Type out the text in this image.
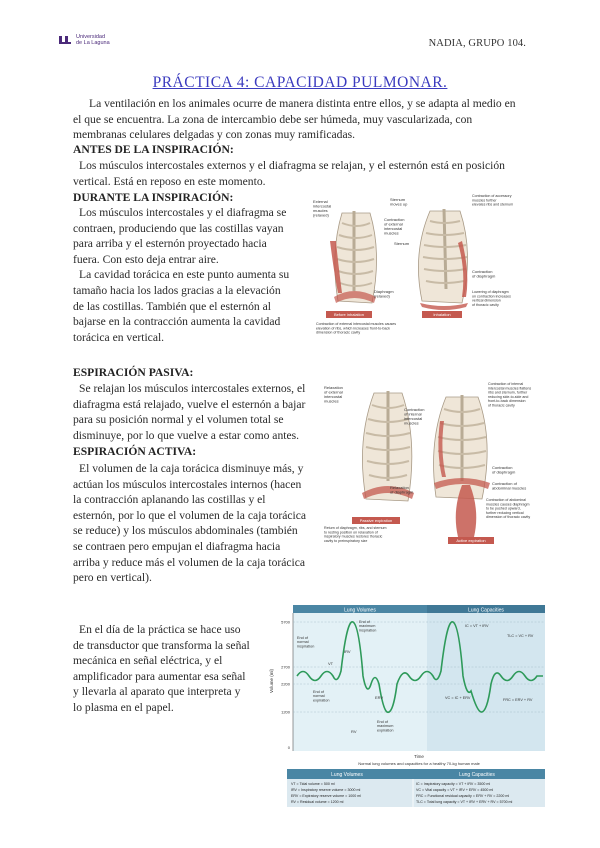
Universidad
de La Laguna	NADIA, GRUPO 104.
PRÁCTICA 4: CAPACIDAD PULMONAR.
La ventilación en los animales ocurre de manera distinta entre ellos, y se adapta al medio en
el que se encuentra. La zona de intercambio debe ser húmeda, muy vascularizada, con
membranas celulares delgadas y con zonas muy ramificadas.
ANTES DE LA INSPIRACIÓN:
Los músculos intercostales externos y el diafragma se relajan, y el esternón está en posición
vertical. Está en reposo en este momento.
DURANTE LA INSPIRACIÓN:
Los músculos intercostales y el diafragma se
contraen, produciendo que las costillas vayan
para arriba y el esternón proyectado hacia
fuera. Con esto deja entrar aire.
La cavidad torácica en este punto aumenta su
tamaño hacia los lados gracias a la elevación
de las costillas. También que el esternón al
bajarse en la contracción aumenta la cavidad
torácica en vertical.
External intercostal muscles (relaxed)
Sternum moves up
Contraction of external intercostal muscles
Sternum
Diaphragm (relaxed)
Contraction of diaphragm
Contraction of accessory muscles further elevates ribs and sternum
Lowering of diaphragm on contraction increases vertical dimension of thoracic cavity
Before inhalation	Inhalation
Contraction of external intercostal muscles causes elevation of ribs, which increases front-to-back dimension of thoracic cavity
ESPIRACIÓN PASIVA:
Se relajan los músculos intercostales externos, el
diafragma está relajado, vuelve el esternón a bajar
para su posición normal y el volumen total se
disminuye, por lo que vuelve a estar como antes.
ESPIRACIÓN ACTIVA:
El volumen de la caja torácica disminuye más, y
actúan los músculos intercostales internos (hacen
la contracción aplanando las costillas y el
esternón, por lo que el volumen de la caja torácica
se reduce) y los músculos abdominales (también
se contraen pero empujan el diafragma hacia
arriba y reduce más el volumen de la caja torácica
pero en vertical).
Relaxation of external intercostal muscles
Contraction of internal intercostal muscles
Relaxation of diaphragm
Contraction of internal intercostal muscles flattens ribs and sternum, further reducing side-to-side and front-to-back dimension of thoracic cavity
Contraction of diaphragm
Contraction of abdominal muscles
Contraction of abdominal muscles causes diaphragm to be pushed upward, further reducing vertical dimension of thoracic cavity
Passive expiration
Active expiration
Return of diaphragm, ribs, and sternum to resting position on relaxation of inspiratory muscles restores thoracic cavity to preinspiratory size
En el día de la práctica se hace uso
de transductor que transforma la señal
mecánica en señal eléctrica, y el
amplificador para aumentar esa señal
y llevarla al aparato que interpreta y
lo plasma en el papel.
Lung Volumes	Lung Capacities
5700
2700
2200
1200
0
Volume (ml)
End of normal inspiration
End of maximum inspiration
End of normal expiration
End of maximum expiration
IRV
VT
ERV
RV
IC = VT + IRV
TLC = VC + RV
VC = IC + ERV	FRC = ERV + RV
Time
Normal lung volumes and capacities for a healthy 70-kg human male
Lung Volumes	Lung Capacities
VT = Tidal volume = 500 ml
IRV = Inspiratory reserve volume = 3000 ml
ERV = Expiratory reserve volume = 1000 ml
RV = Residual volume = 1200 ml
IC = Inspiratory capacity = VT + IRV = 3500 ml
VC = Vital capacity = VT + IRV + ERV = 4500 ml
FRC = Functional residual capacity = ERV + RV = 2200 ml
TLC = Total lung capacity = VT + IRV + ERV + RV = 5700 ml
